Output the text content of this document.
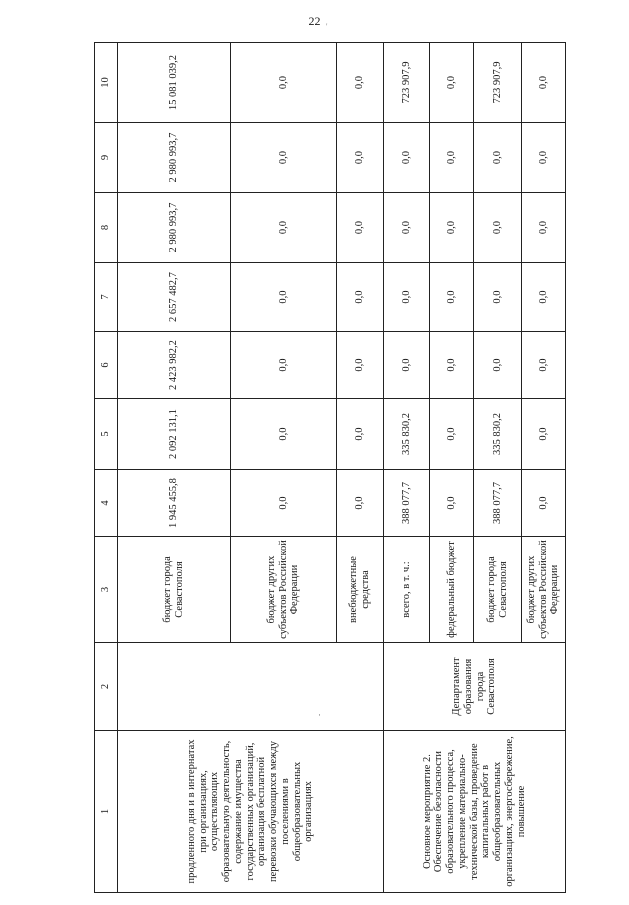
22
1	2	3	4	5	6	7	8	9	10
продленного дня и в интернатах при организациях, осуществляющих образовательную деятельность, содержание имущества государственных организаций, организация бесплатной перевозки обучающихся между поселениями в общеобразовательных организациях		бюджет города Севастополя	1 945 455,8	2 092 131,1	2 423 982,2	2 657 482,7	2 980 993,7	2 980 993,7	15 081 039,2
		бюджет других субъектов Российской Федерации	0,0	0,0	0,0	0,0	0,0	0,0	0,0
		внебюджетные средства	0,0	0,0	0,0	0,0	0,0	0,0	0,0
Основное мероприятие 2. Обеспечение безопасности образовательного процесса, укрепление материально-технической базы, проведение капитальных работ в общеобразовательных организациях, энергосбережение, повышение	Департамент образования города Севастополя	всего, в т. ч.:	388 077,7	335 830,2	0,0	0,0	0,0	0,0	723 907,9
		федеральный бюджет	0,0	0,0	0,0	0,0	0,0	0,0	0,0
		бюджет города Севастополя	388 077,7	335 830,2	0,0	0,0	0,0	0,0	723 907,9
		бюджет других субъектов Российской Федерации	0,0	0,0	0,0	0,0	0,0	0,0	0,0
'
·
